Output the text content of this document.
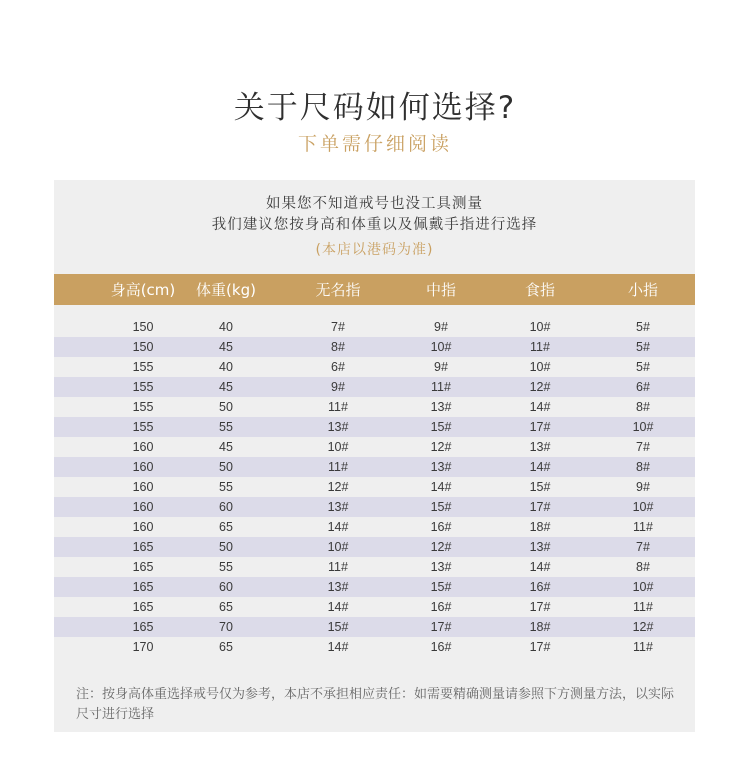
关于尺码如何选择?
下单需仔细阅读
如果您不知道戒号也没工具测量
我们建议您按身高和体重以及佩戴手指进行选择
(本店以港码为准)
身高(cm)	体重(kg)	无名指	中指	食指	小指
150	40	7#	9#	10#	5#
150	45	8#	10#	11#	5#
155	40	6#	9#	10#	5#
155	45	9#	11#	12#	6#
155	50	11#	13#	14#	8#
155	55	13#	15#	17#	10#
160	45	10#	12#	13#	7#
160	50	11#	13#	14#	8#
160	55	12#	14#	15#	9#
160	60	13#	15#	17#	10#
160	65	14#	16#	18#	11#
165	50	10#	12#	13#	7#
165	55	11#	13#	14#	8#
165	60	13#	15#	16#	10#
165	65	14#	16#	17#	11#
165	70	15#	17#	18#	12#
170	65	14#	16#	17#	11#
注：按身高体重选择戒号仅为参考，本店不承担相应责任：如需要精确测量请参照下方测量方法，以实际尺寸进行选择
